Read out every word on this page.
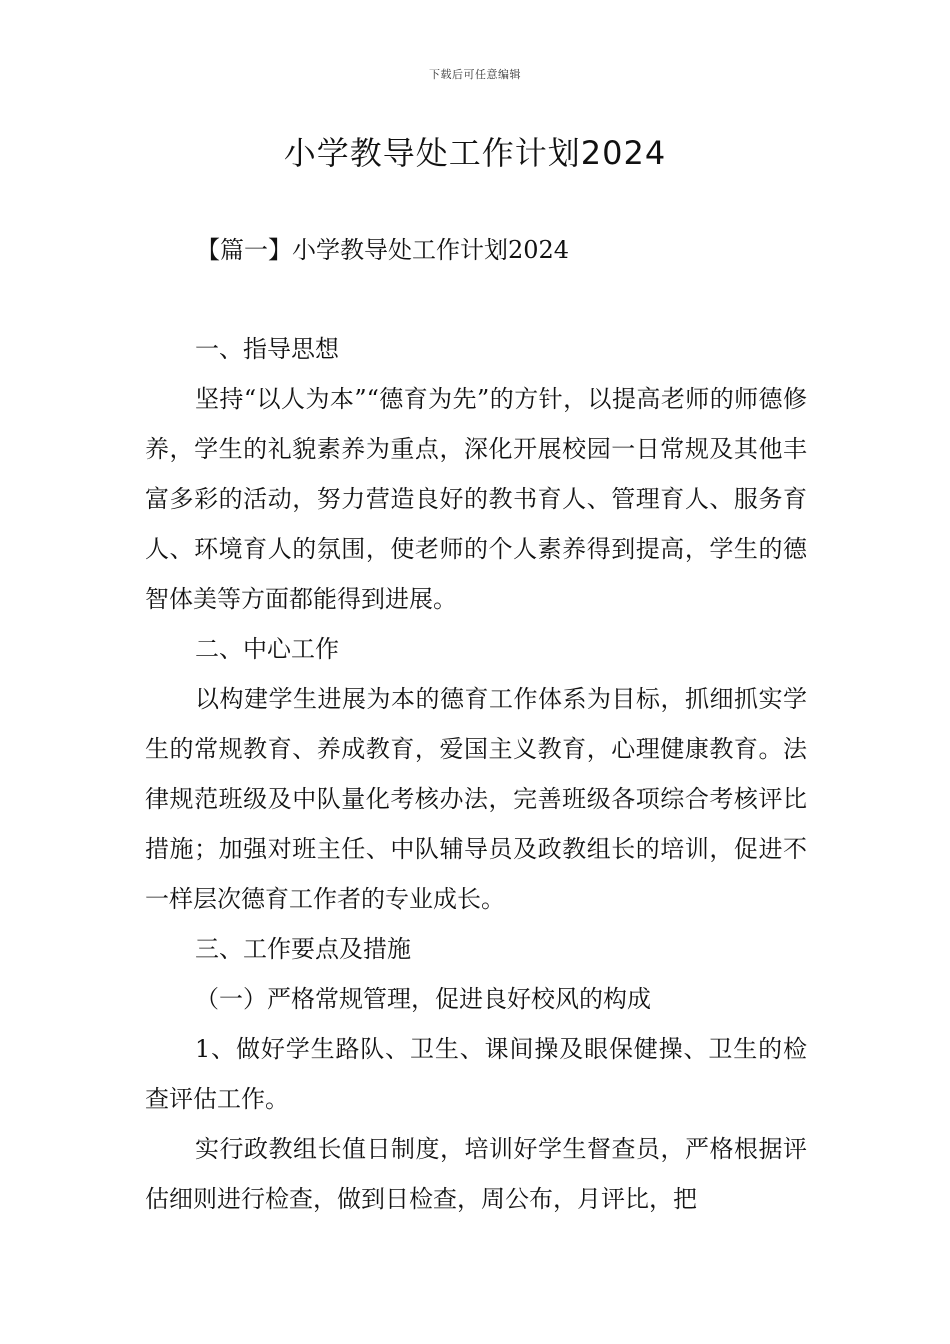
下载后可任意编辑
小学教导处工作计划2024
【篇一】小学教导处工作计划2024

一、指导思想

坚持“以人为本”“德育为先”的方针，以提高老师的师德修养，学生的礼貌素养为重点，深化开展校园一日常规及其他丰富多彩的活动，努力营造良好的教书育人、管理育人、服务育人、环境育人的氛围，使老师的个人素养得到提高，学生的德智体美等方面都能得到进展。

二、中心工作

以构建学生进展为本的德育工作体系为目标，抓细抓实学生的常规教育、养成教育，爱国主义教育，心理健康教育。法律规范班级及中队量化考核办法，完善班级各项综合考核评比措施；加强对班主任、中队辅导员及政教组长的培训，促进不一样层次德育工作者的专业成长。

三、工作要点及措施

（一）严格常规管理，促进良好校风的构成

1、做好学生路队、卫生、课间操及眼保健操、卫生的检查评估工作。

实行政教组长值日制度，培训好学生督查员，严格根据评估细则进行检查，做到日检查，周公布，月评比，把
